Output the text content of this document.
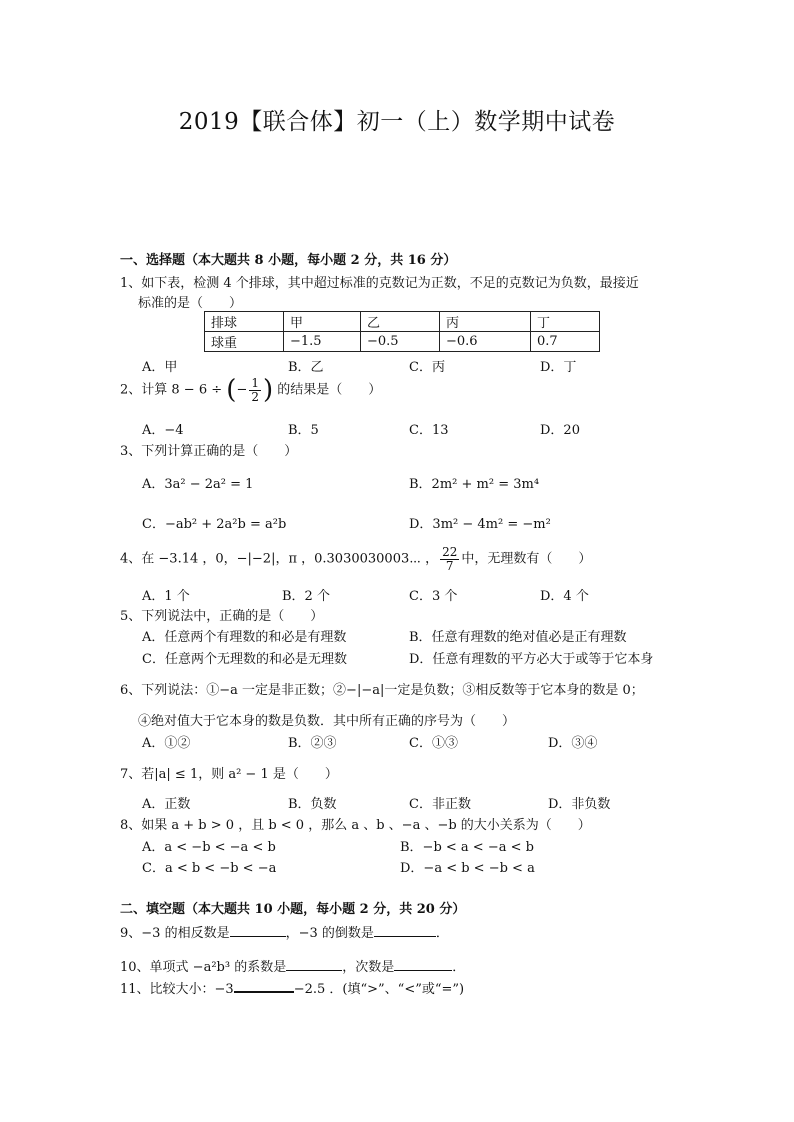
2019【联合体】初一（上）数学期中试卷
一、选择题（本大题共 8 小题，每小题 2 分，共 16 分）
1、如下表，检测 4 个排球，其中超过标准的克数记为正数，不足的克数记为负数，最接近
标准的是（　　）
排球	甲	乙	丙	丁
球重	−1.5	−0.5	−0.6	0.7
A．甲	B．乙	C．丙	D．丁
2、计算 8 − 6 ÷ (− $\frac{1}{2}$ ) 的结果是（　　）
A．−4	B．5	C．13	D．20
3、下列计算正确的是（　　）
A．3a² − 2a² = 1	B．2m² + m² = 3m⁴
C．−ab² + 2a²b = a²b	D．3m² − 4m² = −m²
4、在 −3.14 ，0，−|−2|，π ，0.3030030003⋯ ， $\frac{22}{7}$ 中，无理数有（　　）
A．1 个	B．2 个	C．3 个	D．4 个
5、下列说法中，正确的是（　　）
A．任意两个有理数的和必是有理数	B．任意有理数的绝对值必是正有理数
C．任意两个无理数的和必是无理数	D．任意有理数的平方必大于或等于它本身
6、下列说法：①−a 一定是非正数；②−|−a|一定是负数；③相反数等于它本身的数是 0；
④绝对值大于它本身的数是负数．其中所有正确的序号为（　　）
A．①②	B．②③	C．①③	D．③④
7、若|a| ≤ 1，则 a² − 1 是（　　）
A．正数	B．负数	C．非正数	D．非负数
8、如果 a + b > 0 ，且 b < 0 ，那么 a 、b 、−a 、−b 的大小关系为（　　）
A．a < −b < −a < b	B．−b < a < −a < b
C．a < b < −b < −a	D．−a < b < −b < a
二、填空题（本大题共 10 小题，每小题 2 分，共 20 分）
9、−3 的相反数是	，−3 的倒数是	．
10、单项式 −a²b³ 的系数是	，次数是	．
11、比较大小：−3	−2.5 ．(填“>”、“<”或“=”)
